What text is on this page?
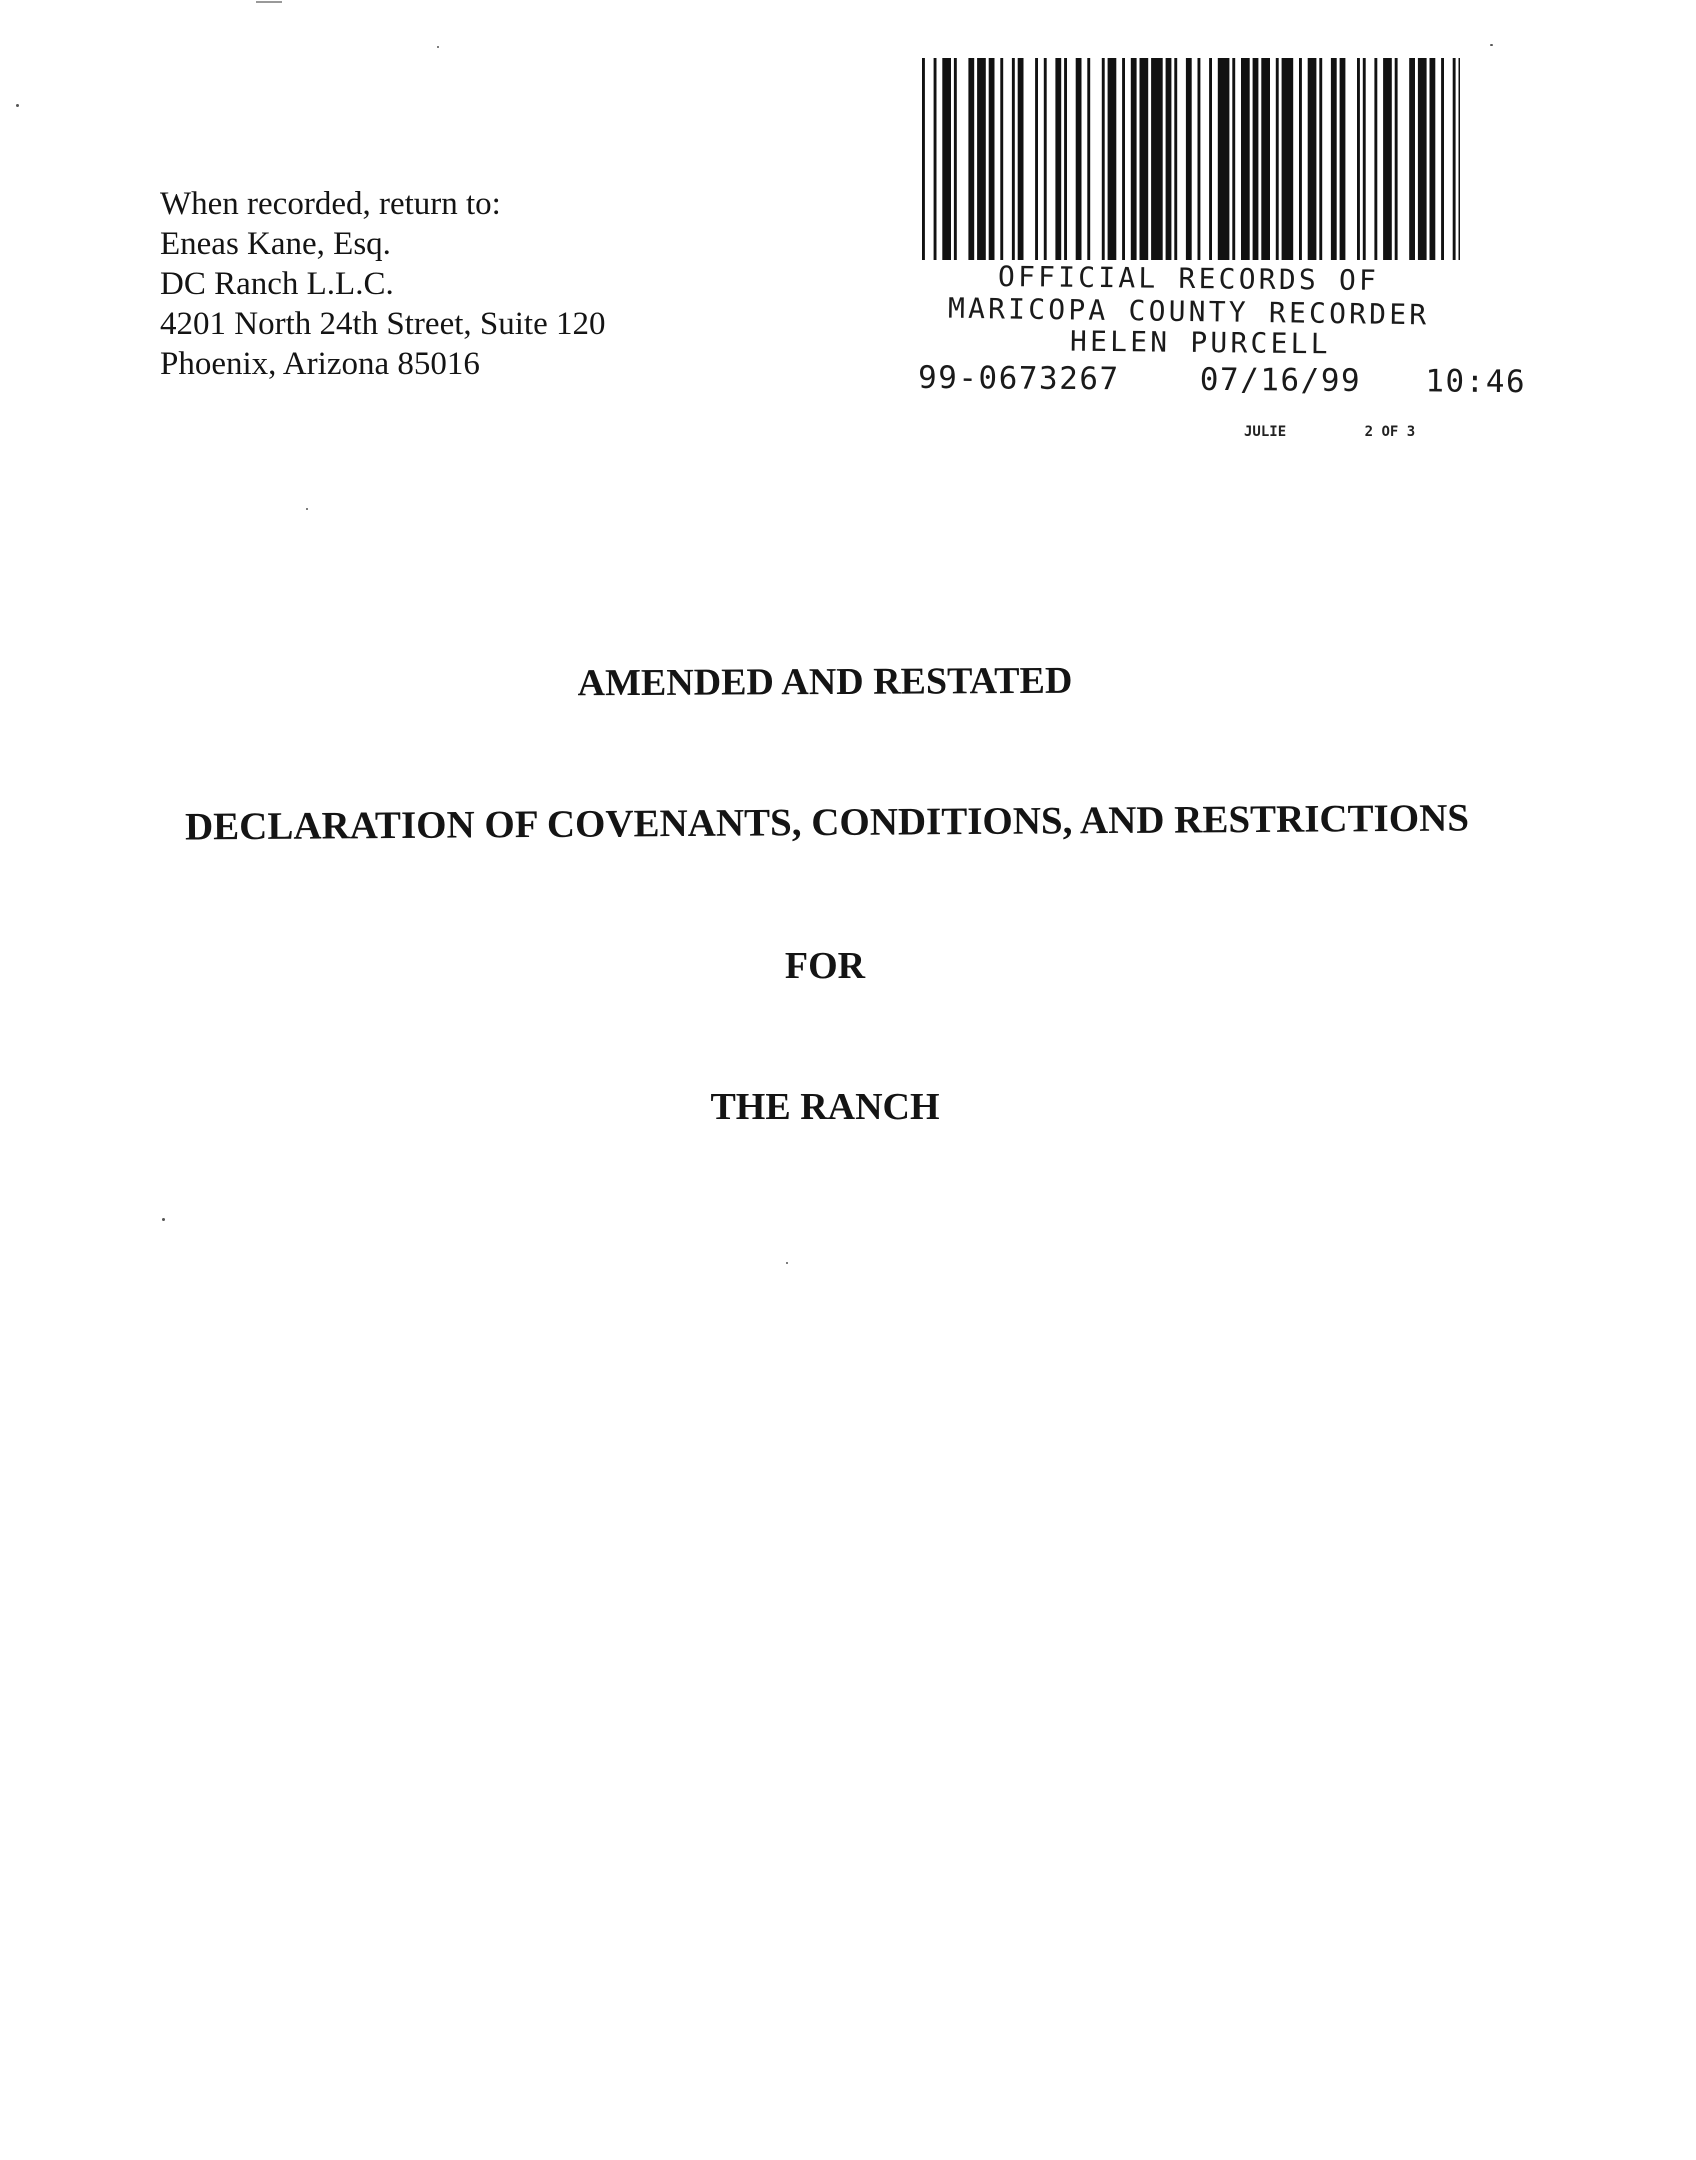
When recorded, return to:
Eneas Kane, Esq.
DC Ranch L.L.C.
4201 North 24th Street, Suite 120
Phoenix, Arizona 85016
OFFICIAL RECORDS OF
MARICOPA COUNTY RECORDER
HELEN PURCELL
99-0673267	07/16/99 10:46
JULIE	2 OF 3
AMENDED AND RESTATED
DECLARATION OF COVENANTS, CONDITIONS, AND RESTRICTIONS
FOR
THE RANCH
